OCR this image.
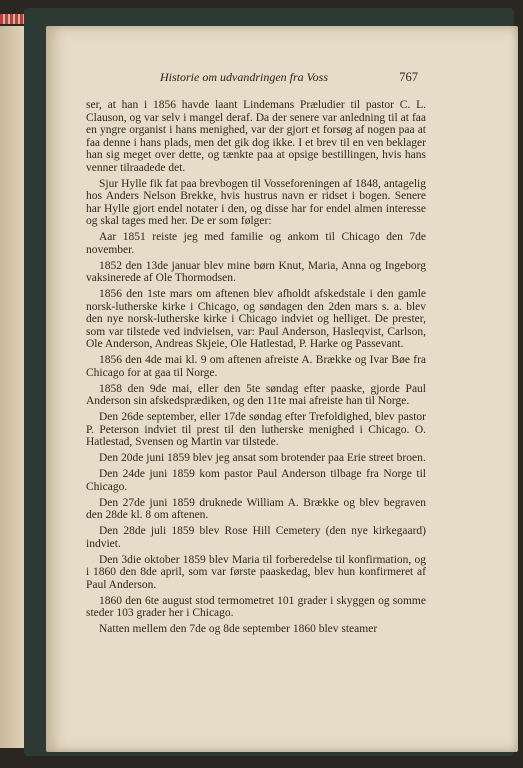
Historie om udvandringen fra Voss	767

ser, at han i 1856 havde laant Lindemans Præludier til pastor C. L. Clauson, og var selv i mangel deraf. Da der senere var anledning til at faa en yngre organist i hans menighed, var der gjort et forsøg af nogen paa at faa denne i hans plads, men det gik dog ikke. I et brev til en ven beklager han sig meget over dette, og tænkte paa at opsige bestillingen, hvis hans venner tilraadede det.

Sjur Hylle fik fat paa brevbogen til Vosseforeningen af 1848, antagelig hos Anders Nelson Brekke, hvis hustrus navn er ridset i bogen. Senere har Hylle gjort endel notater i den, og disse har for endel almen interesse og skal tages med her. De er som følger:

Aar 1851 reiste jeg med familie og ankom til Chicago den 7de november.

1852 den 13de januar blev mine børn Knut, Maria, Anna og Ingeborg vaksinerede af Ole Thormodsen.

1856 den 1ste mars om aftenen blev afholdt afskedstale i den gamle norsk-lutherske kirke i Chicago, og søndagen den 2den mars s. a. blev den nye norsk-lutherske kirke i Chicago indviet og helliget. De prester, som var tilstede ved indvielsen, var: Paul Anderson, Hasleqvist, Carlson, Ole Anderson, Andreas Skjeie, Ole Hatlestad, P. Harke og Passevant.

1856 den 4de mai kl. 9 om aftenen afreiste A. Brække og Ivar Bøe fra Chicago for at gaa til Norge.

1858 den 9de mai, eller den 5te søndag efter paaske, gjorde Paul Anderson sin afskedsprædiken, og den 11te mai afreiste han til Norge.

Den 26de september, eller 17de søndag efter Trefoldighed, blev pastor P. Peterson indviet til prest til den lutherske menighed i Chicago. O. Hatlestad, Svensen og Martin var tilstede.

Den 20de juni 1859 blev jeg ansat som brotender paa Erie street broen.

Den 24de juni 1859 kom pastor Paul Anderson tilbage fra Norge til Chicago.

Den 27de juni 1859 druknede William A. Brække og blev begraven den 28de kl. 8 om aftenen.

Den 28de juli 1859 blev Rose Hill Cemetery (den nye kirkegaard) indviet.

Den 3die oktober 1859 blev Maria til forberedelse til konfirmation, og i 1860 den 8de april, som var første paaskedag, blev hun konfirmeret af Paul Anderson.

1860 den 6te august stod termometret 101 grader i skyggen og somme steder 103 grader her i Chicago.

Natten mellem den 7de og 8de september 1860 blev steamer
